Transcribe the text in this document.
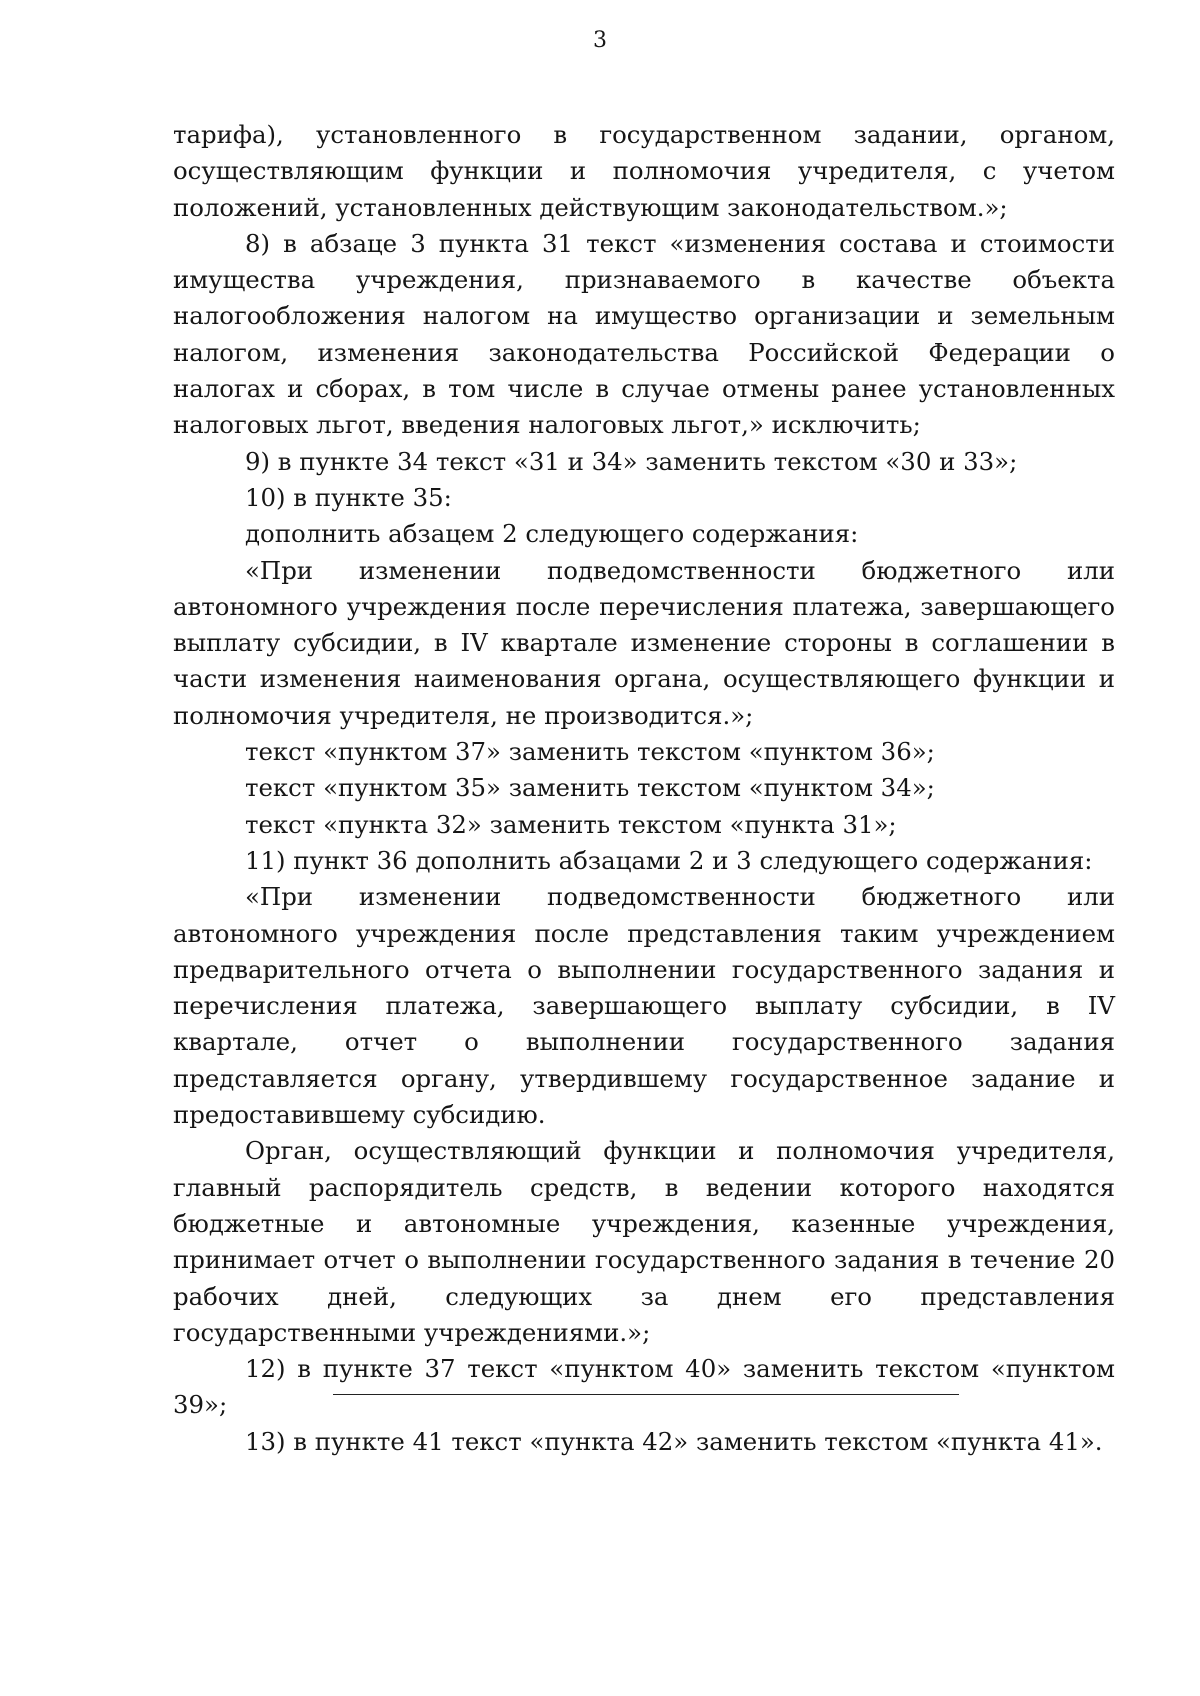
3

тарифа), установленного в государственном задании, органом, осуществляющим функции и полномочия учредителя, с учетом положений, установленных действующим законодательством.»;

8) в абзаце 3 пункта 31 текст «изменения состава и стоимости имущества учреждения, признаваемого в качестве объекта налогообложения налогом на имущество организации и земельным налогом, изменения законодательства Российской Федерации о налогах и сборах, в том числе в случае отмены ранее установленных налоговых льгот, введения налоговых льгот,» исключить;

9) в пункте 34 текст «31 и 34» заменить текстом «30 и 33»;

10) в пункте 35:

дополнить абзацем 2 следующего содержания:

«При изменении подведомственности бюджетного или автономного учреждения после перечисления платежа, завершающего выплату субсидии, в IV квартале изменение стороны в соглашении в части изменения наименования органа, осуществляющего функции и полномочия учредителя, не производится.»;

текст «пунктом 37» заменить текстом «пунктом 36»;

текст «пунктом 35» заменить текстом «пунктом 34»;

текст «пункта 32» заменить текстом «пункта 31»;

11) пункт 36 дополнить абзацами 2 и 3 следующего содержания:

«При изменении подведомственности бюджетного или автономного учреждения после представления таким учреждением предварительного отчета о выполнении государственного задания и перечисления платежа, завершающего выплату субсидии, в IV квартале, отчет о выполнении государственного задания представляется органу, утвердившему государственное задание и предоставившему субсидию.

Орган, осуществляющий функции и полномочия учредителя, главный распорядитель средств, в ведении которого находятся бюджетные и автономные учреждения, казенные учреждения, принимает отчет о выполнении государственного задания в течение 20 рабочих дней, следующих за днем его представления государственными учреждениями.»;

12) в пункте 37 текст «пунктом 40» заменить текстом «пунктом 39»;

13) в пункте 41 текст «пункта 42» заменить текстом «пункта 41».
